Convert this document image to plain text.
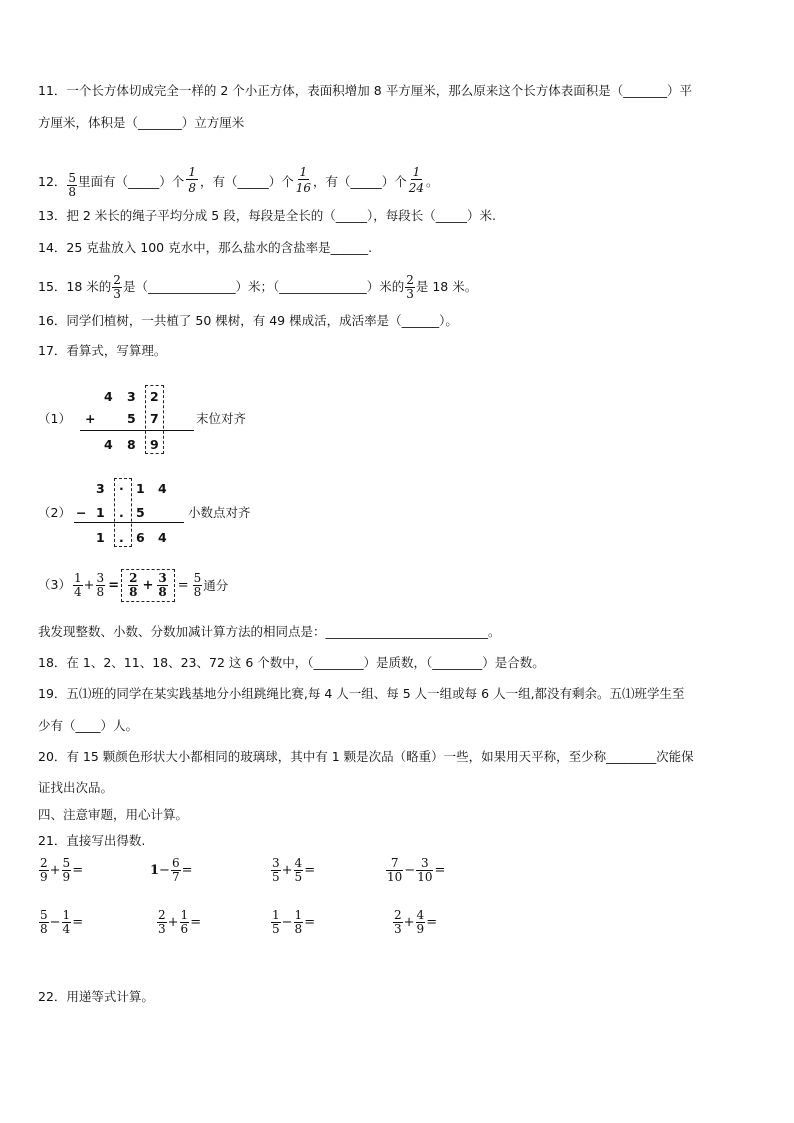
11．一个长方体切成完全一样的 2 个小正方体，表面积增加 8 平方厘米，那么原来这个长方体表面积是（_______）平
方厘米，体积是（_______）立方厘米
12． $\frac{5}{8}$ 里面有（_____）个
$\frac{1}{8}$
，有（_____）个
$\frac{1}{16}$
，有（_____）个
$\frac{1}{24}$
。
13．把 2 米长的绳子平均分成 5 段，每段是全长的（_____），每段长（_____）米.
14．25 克盐放入 100 克水中，那么盐水的含盐率是______.
15．18 米的 $\frac{2}{3}$ 是（______________）米；（______________）米的 $\frac{2}{3}$ 是 18 米。
16．同学们植树，一共植了 50 棵树，有 49 棵成活，成活率是（______）。
17．看算式，写算理。
（1）
4 3 2
+	5 7
4 8 9
末位对齐
（2）
3 . 1 4
− 1 . 5
1 . 6 4
小数点对齐
$(3) \frac{1}{4} + \frac{3}{8} = \frac{2}{8} + \frac{3}{8} = \frac{5}{8}$ 通分
我发现整数、小数、分数加减计算方法的相同点是：__________________________。
18．在 1、2、11、18、23、72 这 6 个数中，（________）是质数，（________）是合数。
19．五⑴班的同学在某实践基地分小组跳绳比赛,每 4 人一组、每 5 人一组或每 6 人一组,都没有剩余。五⑴班学生至
少有（____）人。
20．有 15 颗颜色形状大小都相同的玻璃球，其中有 1 颗是次品（略重）一些，如果用天平称，至少称________次能保
证找出次品。
四、注意审题，用心计算。
21．直接写出得数.
$\frac{2}{9} + \frac{5}{9}$ =	$1 - \frac{6}{7}$ =	$\frac{3}{5} + \frac{4}{5}$ =	$\frac{7}{10} - \frac{3}{10}$ =
$\frac{5}{8} - \frac{1}{4}$ =	$\frac{2}{3} + \frac{1}{6}$ =	$\frac{1}{5} - \frac{1}{8}$ =	$\frac{2}{3} + \frac{4}{9}$ =
22．用递等式计算。
